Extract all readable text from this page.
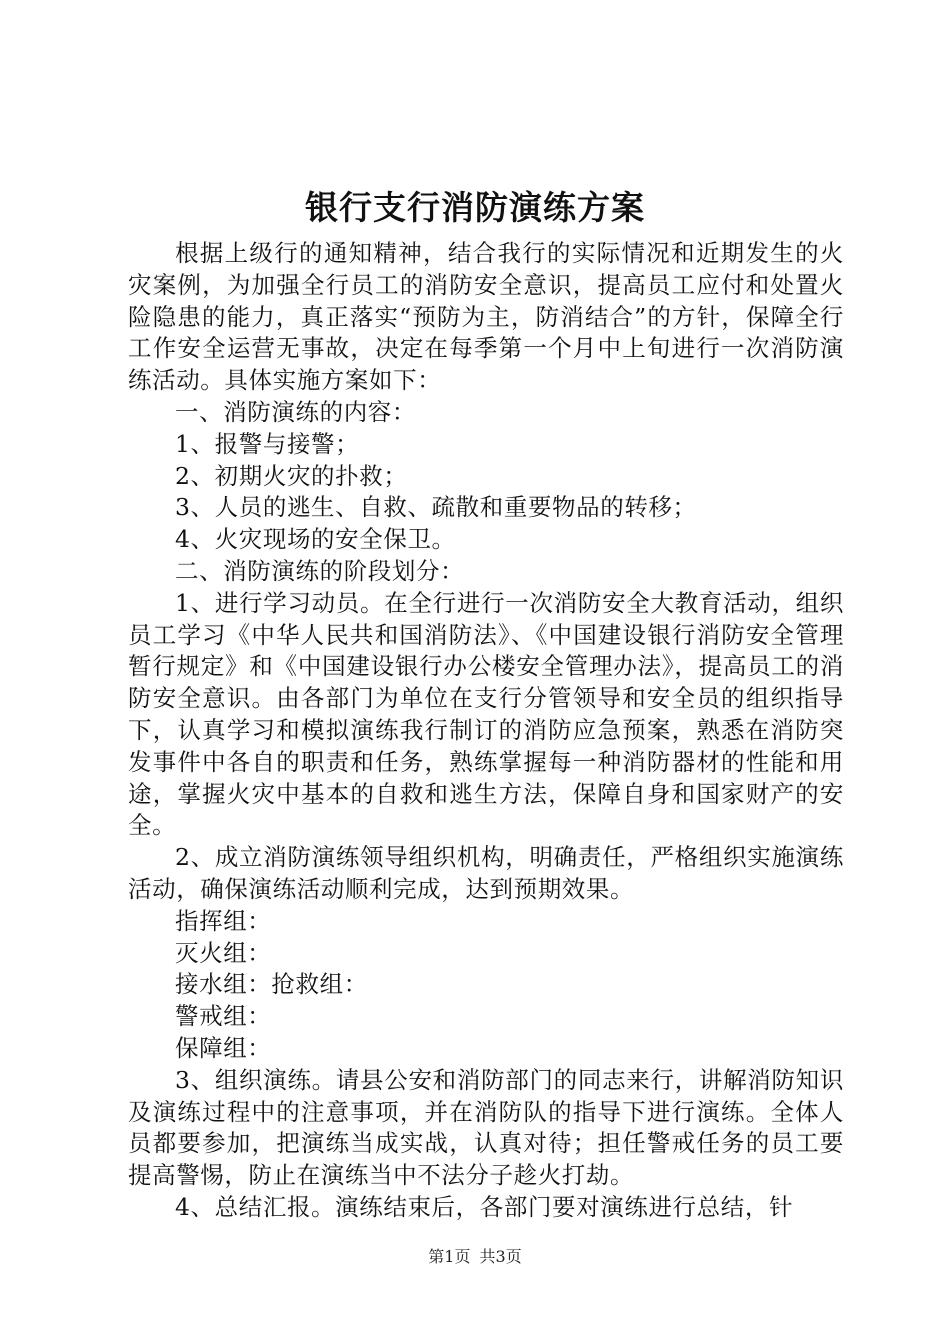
银行支行消防演练方案

根据上级行的通知精神，结合我行的实际情况和近期发生的火灾案例，为加强全行员工的消防安全意识，提高员工应付和处置火险隐患的能力，真正落实“预防为主，防消结合”的方针，保障全行工作安全运营无事故，决定在每季第一个月中上旬进行一次消防演练活动。具体实施方案如下：

一、消防演练的内容：

1、报警与接警；

2、初期火灾的扑救；

3、人员的逃生、自救、疏散和重要物品的转移；

4、火灾现场的安全保卫。

二、消防演练的阶段划分：

1、进行学习动员。在全行进行一次消防安全大教育活动，组织员工学习《中华人民共和国消防法》、《中国建设银行消防安全管理暂行规定》和《中国建设银行办公楼安全管理办法》，提高员工的消防安全意识。由各部门为单位在支行分管领导和安全员的组织指导下，认真学习和模拟演练我行制订的消防应急预案，熟悉在消防突发事件中各自的职责和任务，熟练掌握每一种消防器材的性能和用途，掌握火灾中基本的自救和逃生方法，保障自身和国家财产的安全。

2、成立消防演练领导组织机构，明确责任，严格组织实施演练活动，确保演练活动顺利完成，达到预期效果。

指挥组：

灭火组：

接水组：抢救组：

警戒组：

保障组：

3、组织演练。请县公安和消防部门的同志来行，讲解消防知识及演练过程中的注意事项，并在消防队的指导下进行演练。全体人员都要参加，把演练当成实战，认真对待；担任警戒任务的员工要提高警惕，防止在演练当中不法分子趁火打劫。

4、总结汇报。演练结束后，各部门要对演练进行总结，针

第1页 共3页
